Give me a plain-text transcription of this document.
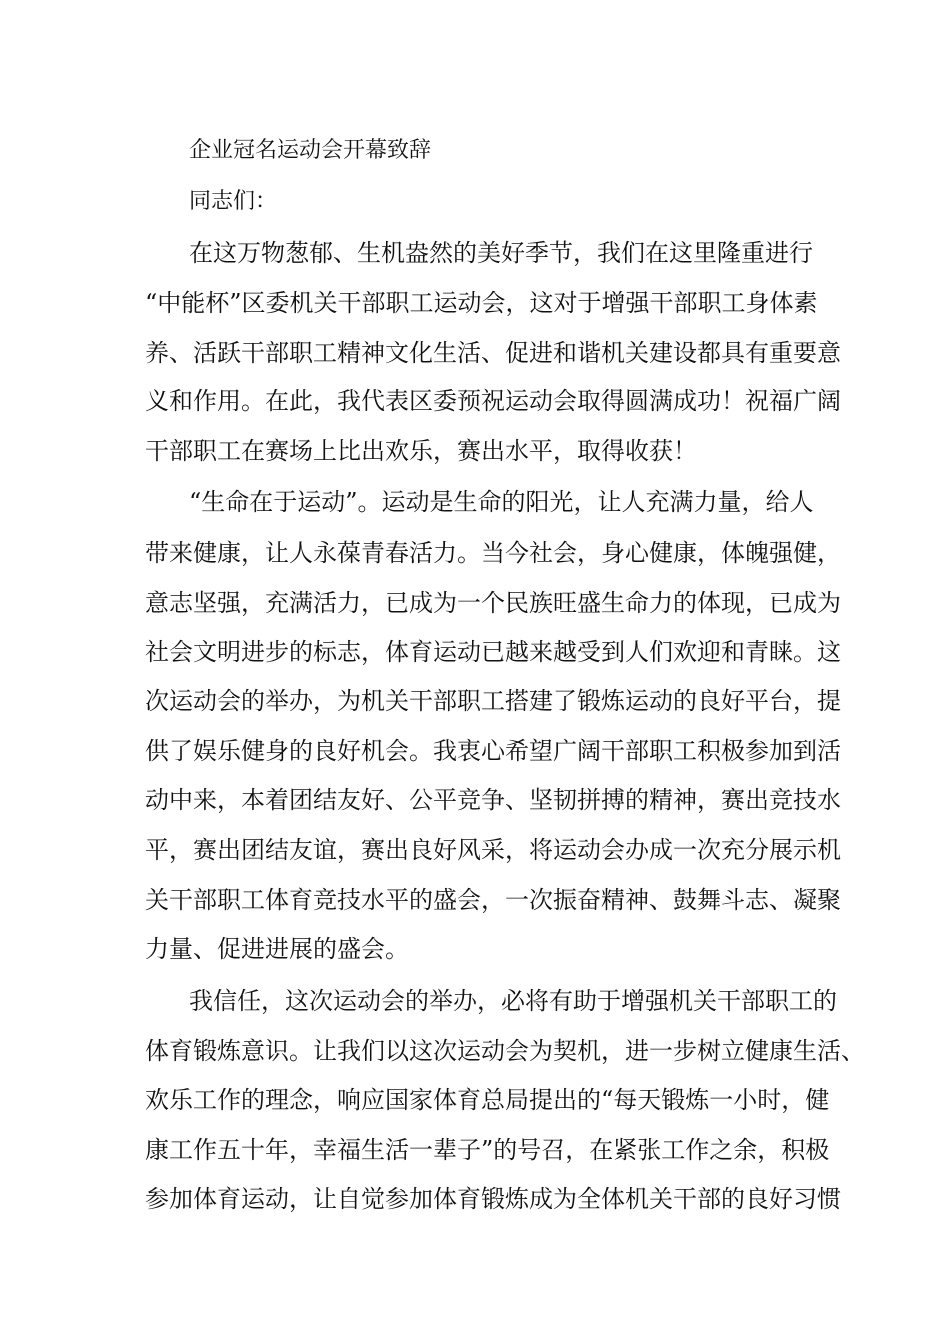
企业冠名运动会开幕致辞
同志们：
在这万物葱郁、生机盎然的美好季节，我们在这里隆重进行
“中能杯”区委机关干部职工运动会，这对于增强干部职工身体素
养、活跃干部职工精神文化生活、促进和谐机关建设都具有重要意
义和作用。在此，我代表区委预祝运动会取得圆满成功！祝福广阔
干部职工在赛场上比出欢乐，赛出水平，取得收获！
“生命在于运动”。运动是生命的阳光，让人充满力量，给人
带来健康，让人永葆青春活力。当今社会，身心健康，体魄强健，
意志坚强，充满活力，已成为一个民族旺盛生命力的体现，已成为
社会文明进步的标志，体育运动已越来越受到人们欢迎和青睐。这
次运动会的举办，为机关干部职工搭建了锻炼运动的良好平台，提
供了娱乐健身的良好机会。我衷心希望广阔干部职工积极参加到活
动中来，本着团结友好、公平竞争、坚韧拼搏的精神，赛出竞技水
平，赛出团结友谊，赛出良好风采，将运动会办成一次充分展示机
关干部职工体育竞技水平的盛会，一次振奋精神、鼓舞斗志、凝聚
力量、促进进展的盛会。
我信任，这次运动会的举办，必将有助于增强机关干部职工的
体育锻炼意识。让我们以这次运动会为契机，进一步树立健康生活、
欢乐工作的理念，响应国家体育总局提出的“每天锻炼一小时，健
康工作五十年，幸福生活一辈子”的号召，在紧张工作之余，积极
参加体育运动，让自觉参加体育锻炼成为全体机关干部的良好习惯
